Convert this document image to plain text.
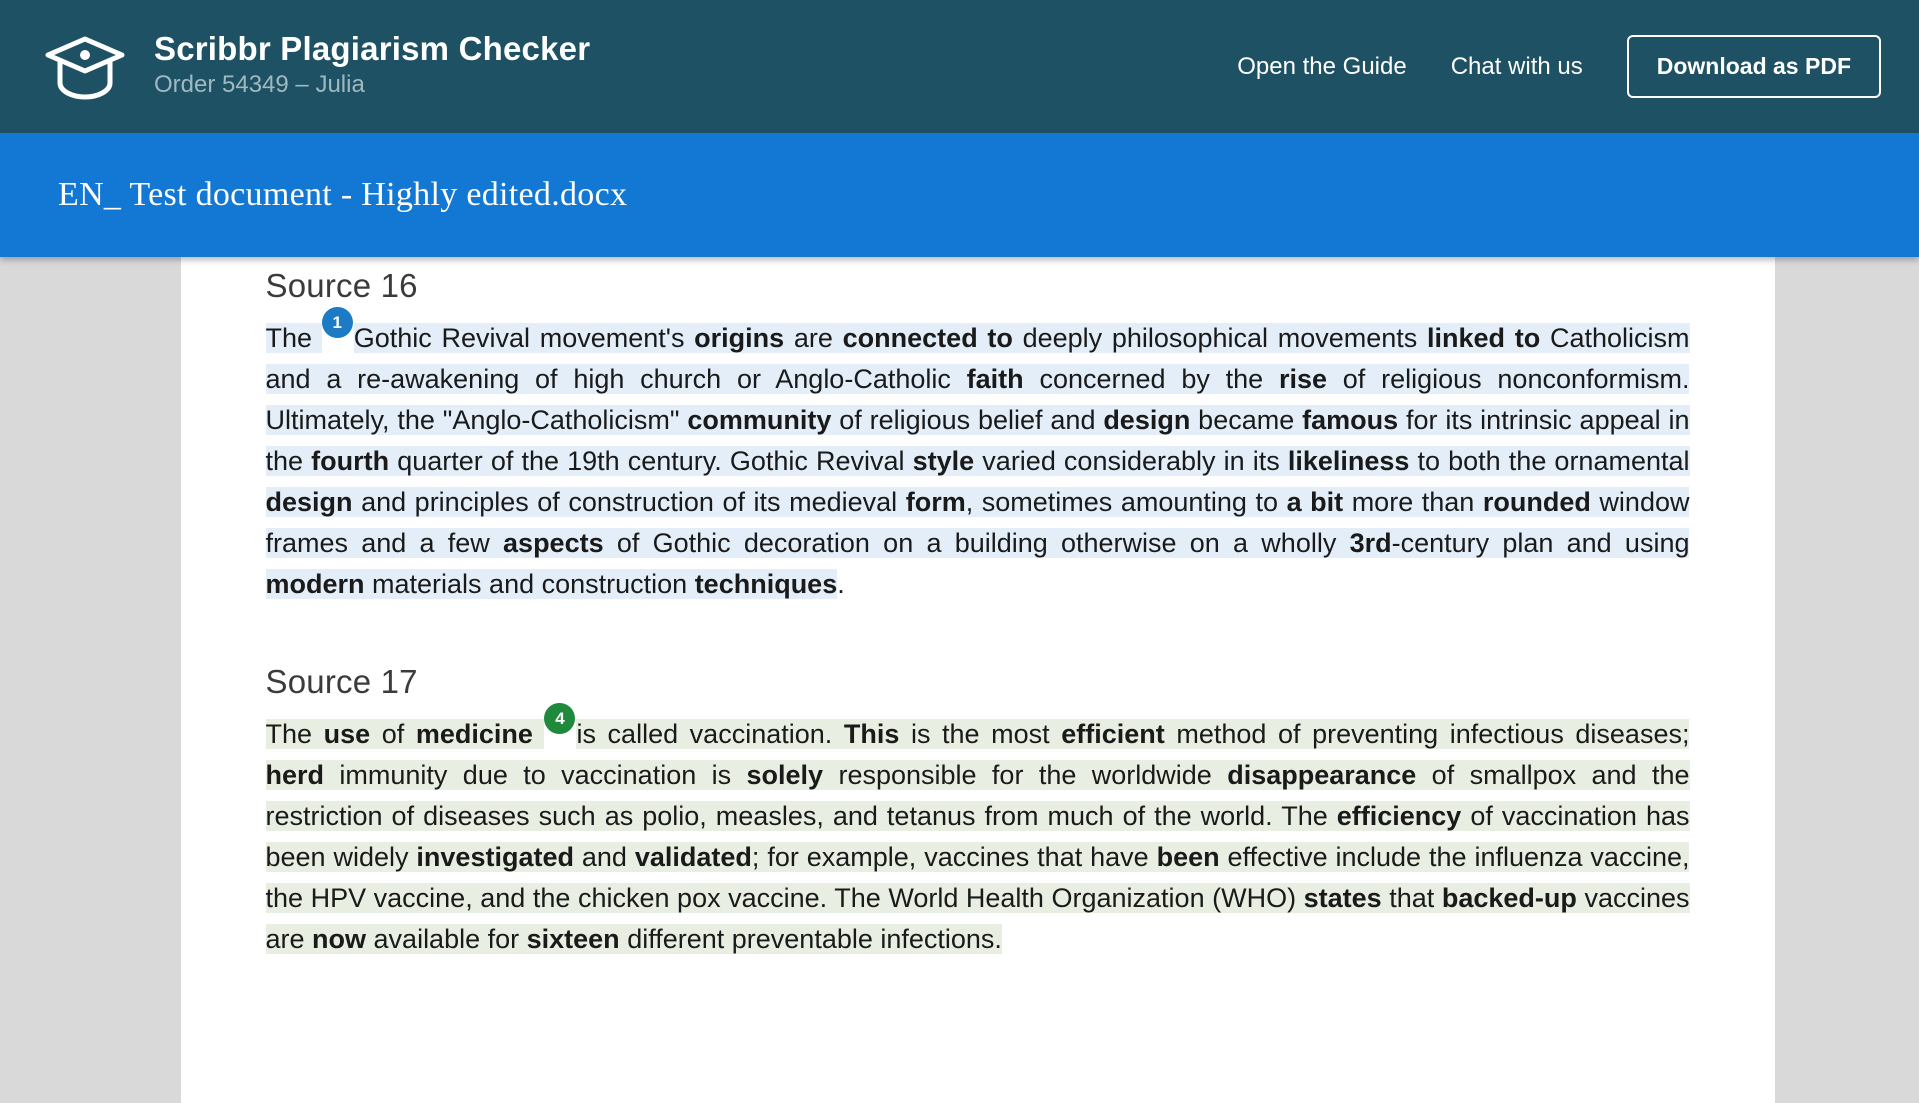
Scribbr Plagiarism Checker
Order 54349 – Julia
Open the Guide Chat with us	Download as PDF
EN_ Test document - Highly edited.docx
Source 16

The 1Gothic Revival movement's origins are connected to deeply philosophical movements linked to Catholicism and a re-awakening of high church or Anglo-Catholic faith concerned by the rise of religious nonconformism. Ultimately, the "Anglo-Catholicism" community of religious belief and design became famous for its intrinsic appeal in the fourth quarter of the 19th century. Gothic Revival style varied considerably in its likeliness to both the ornamental design and principles of construction of its medieval form, sometimes amounting to a bit more than rounded window frames and a few aspects of Gothic decoration on a building otherwise on a wholly 3rd-century plan and using modern materials and construction techniques.

Source 17

The use of medicine 4is called vaccination. This is the most efficient method of preventing infectious diseases; herd immunity due to vaccination is solely responsible for the worldwide disappearance of smallpox and the restriction of diseases such as polio, measles, and tetanus from much of the world. The efficiency of vaccination has been widely investigated and validated; for example, vaccines that have been effective include the influenza vaccine, the HPV vaccine, and the chicken pox vaccine. The World Health Organization (WHO) states that backed-up vaccines are now available for sixteen different preventable infections.
